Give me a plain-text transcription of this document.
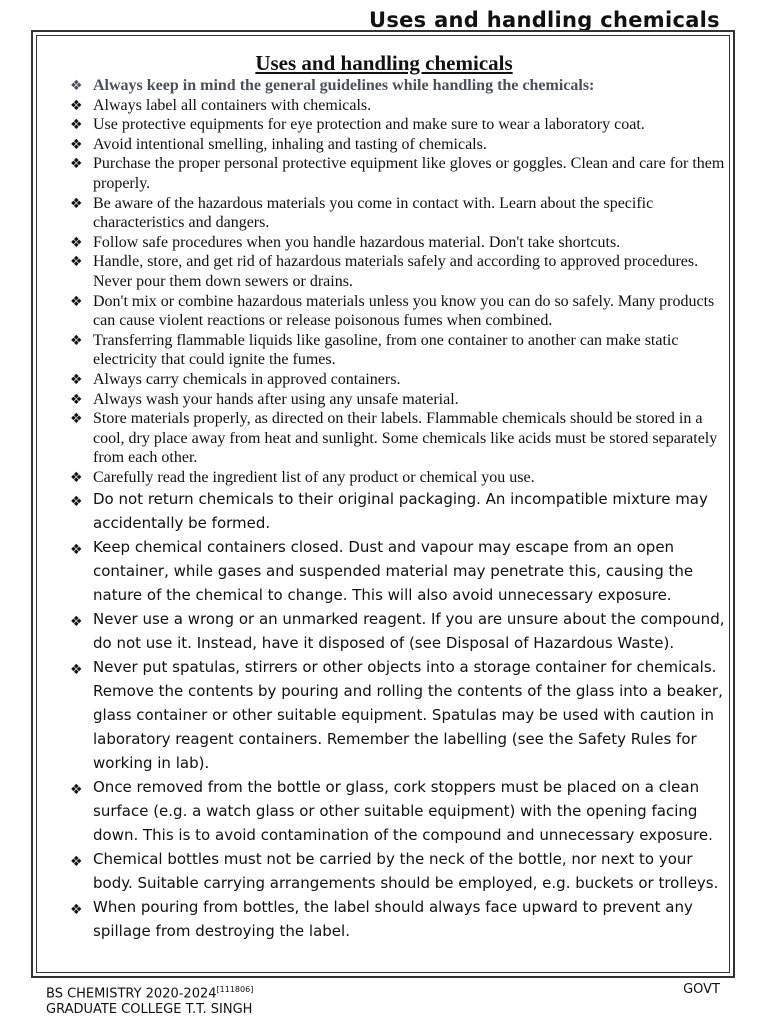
Uses and handling chemicals
Uses and handling chemicals
❖ Always keep in mind the general guidelines while handling the chemicals:
❖ Always label all containers with chemicals.
❖ Use protective equipments for eye protection and make sure to wear a laboratory coat.
❖ Avoid intentional smelling, inhaling and tasting of chemicals.
❖ Purchase the proper personal protective equipment like gloves or goggles. Clean and care for them properly.
❖ Be aware of the hazardous materials you come in contact with. Learn about the specific characteristics and dangers.
❖ Follow safe procedures when you handle hazardous material. Don't take shortcuts.
❖ Handle, store, and get rid of hazardous materials safely and according to approved procedures. Never pour them down sewers or drains.
❖ Don't mix or combine hazardous materials unless you know you can do so safely. Many products can cause violent reactions or release poisonous fumes when combined.
❖ Transferring flammable liquids like gasoline, from one container to another can make static electricity that could ignite the fumes.
❖ Always carry chemicals in approved containers.
❖ Always wash your hands after using any unsafe material.
❖ Store materials properly, as directed on their labels. Flammable chemicals should be stored in a cool, dry place away from heat and sunlight. Some chemicals like acids must be stored separately from each other.
❖ Carefully read the ingredient list of any product or chemical you use.
❖ Do not return chemicals to their original packaging. An incompatible mixture may accidentally be formed.
❖ Keep chemical containers closed. Dust and vapour may escape from an open container, while gases and suspended material may penetrate this, causing the nature of the chemical to change. This will also avoid unnecessary exposure.
❖ Never use a wrong or an unmarked reagent. If you are unsure about the compound, do not use it. Instead, have it disposed of (see Disposal of Hazardous Waste).
❖ Never put spatulas, stirrers or other objects into a storage container for chemicals. Remove the contents by pouring and rolling the contents of the glass into a beaker, glass container or other suitable equipment. Spatulas may be used with caution in laboratory reagent containers. Remember the labelling (see the Safety Rules for working in lab).
❖ Once removed from the bottle or glass, cork stoppers must be placed on a clean surface (e.g. a watch glass or other suitable equipment) with the opening facing down. This is to avoid contamination of the compound and unnecessary exposure.
❖ Chemical bottles must not be carried by the neck of the bottle, nor next to your body. Suitable carrying arrangements should be employed, e.g. buckets or trolleys.
❖ When pouring from bottles, the label should always face upward to prevent any spillage from destroying the label.
BS CHEMISTRY 2020-2024[111806]
GRADUATE COLLEGE T.T. SINGH
GOVT
